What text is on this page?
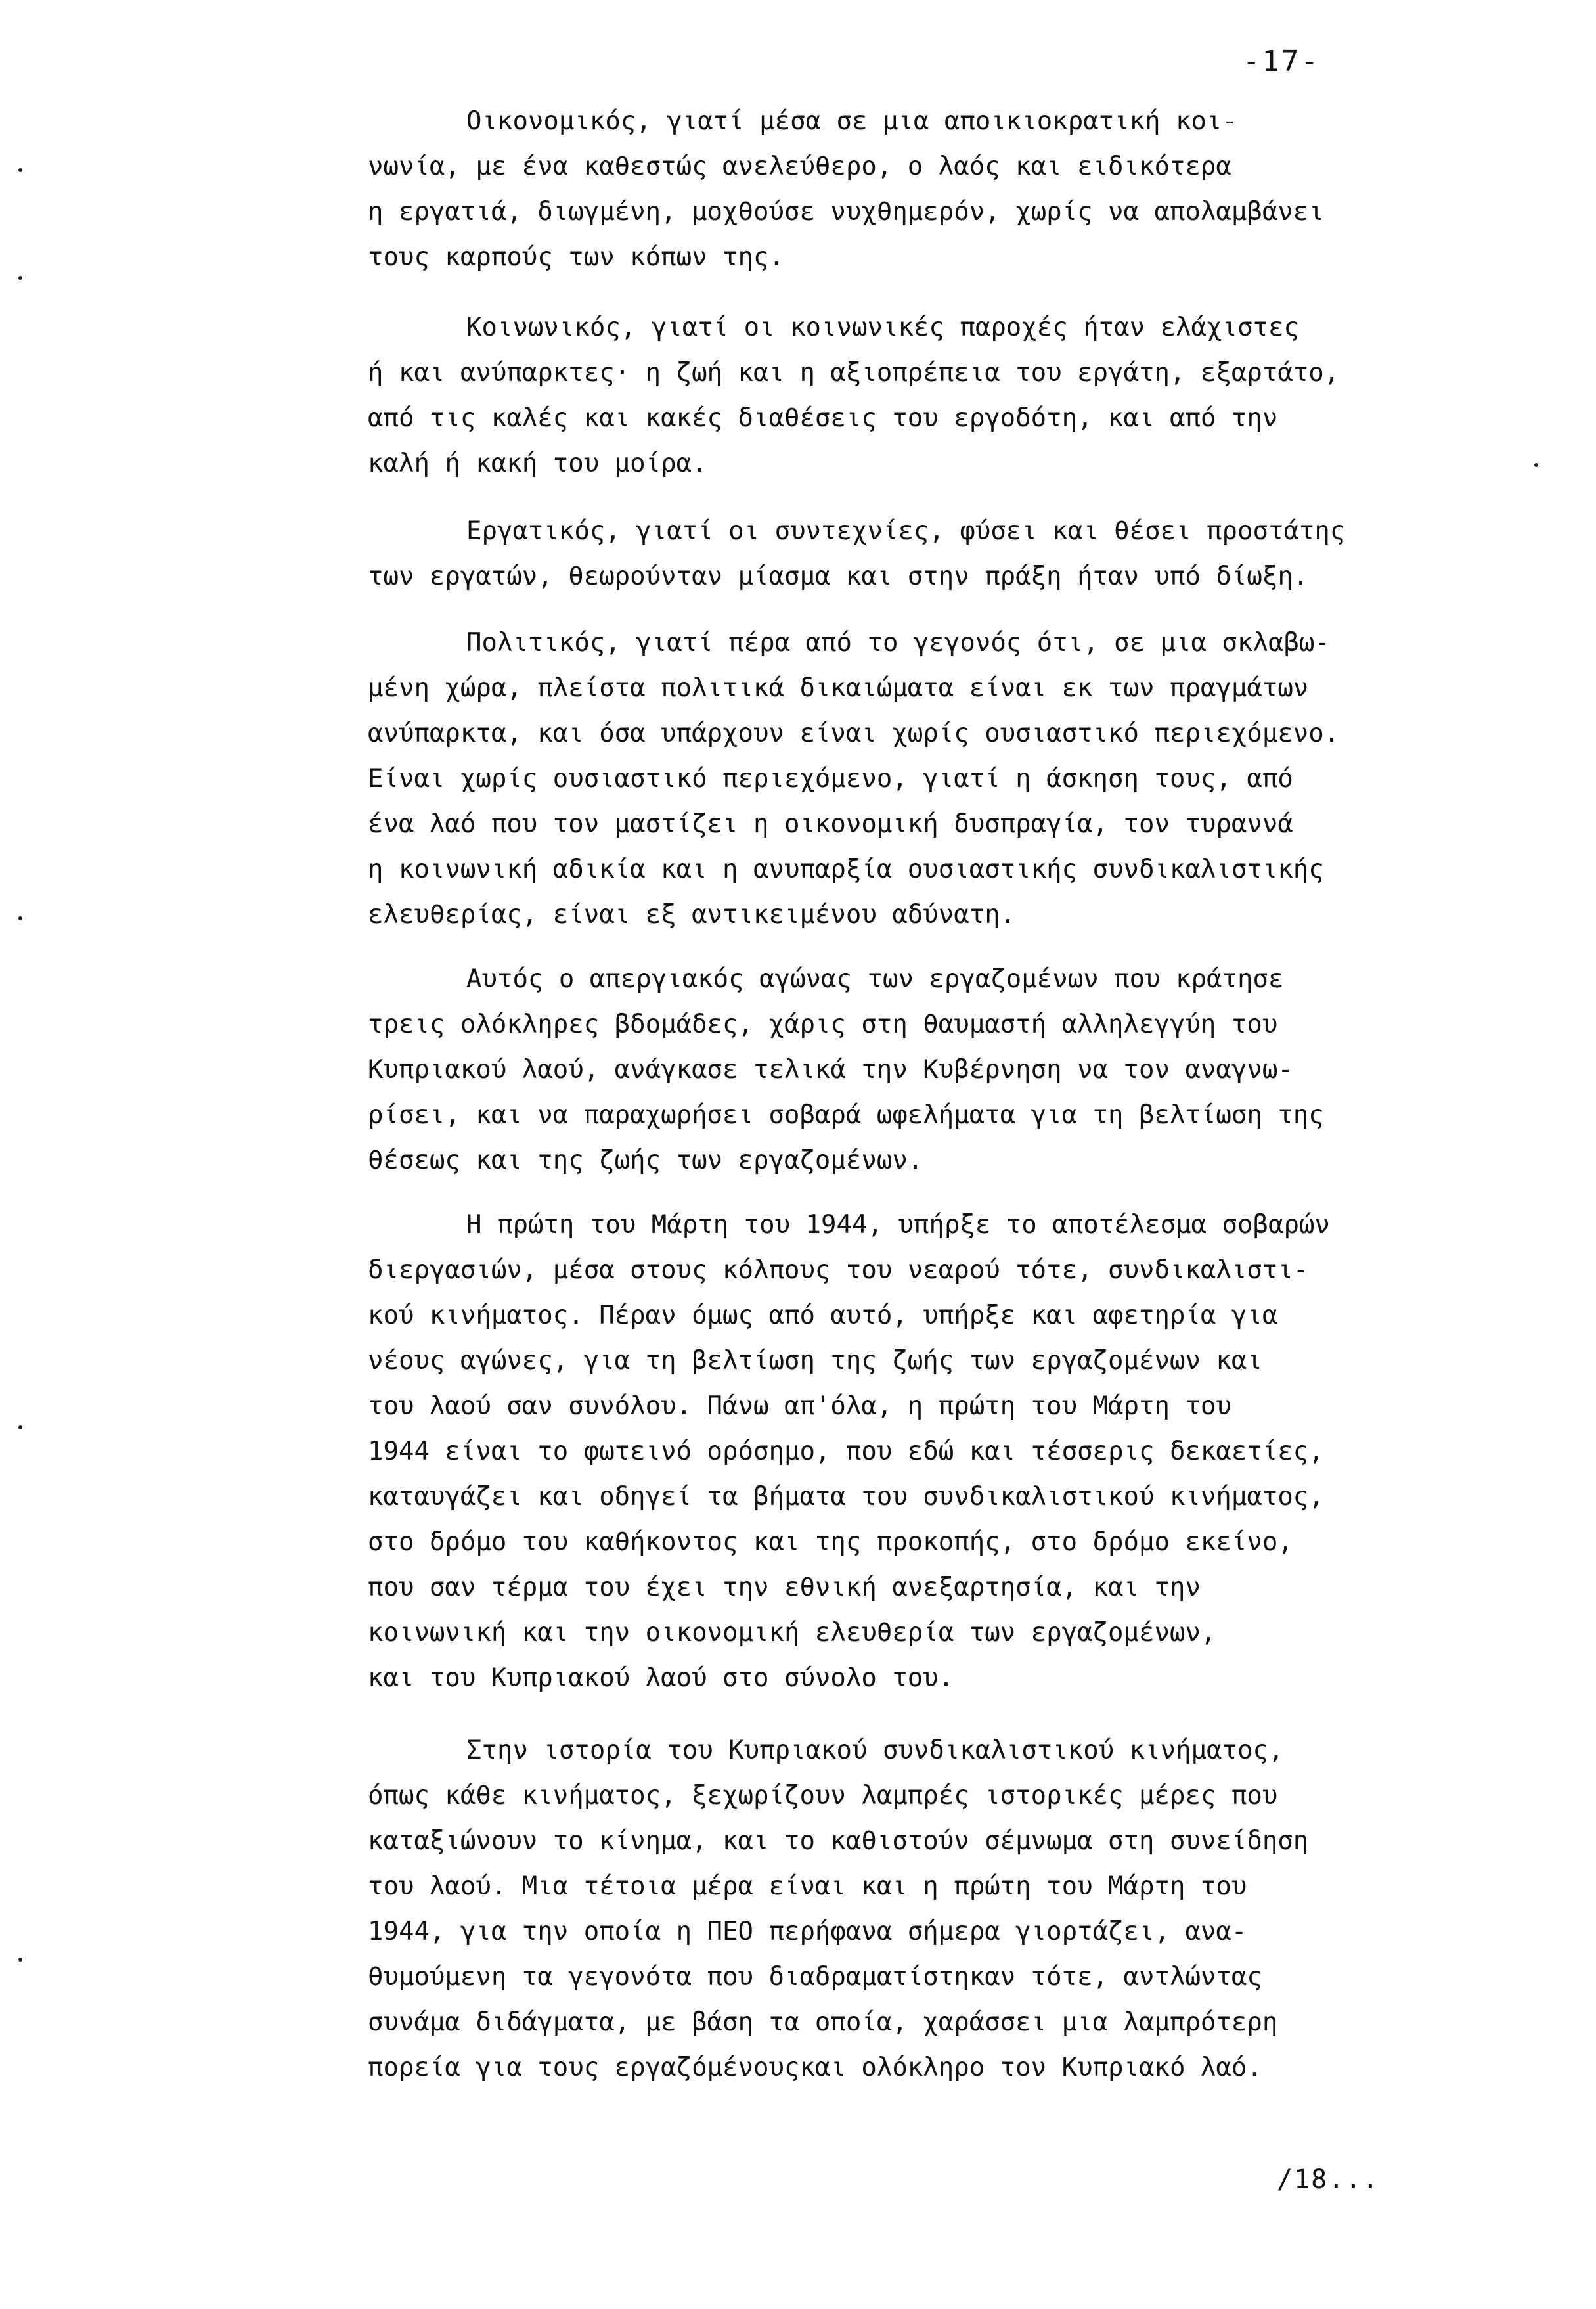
-17-
Οικονομικός, γιατί μέσα σε μια αποικιοκρατική κοι-
νωνία, με ένα καθεστώς ανελεύθερο, ο λαός και ειδικότερα
η εργατιά, διωγμένη, μοχθούσε νυχθημερόν, χωρίς να απολαμβάνει
τους καρπούς των κόπων της.
Κοινωνικός, γιατί οι κοινωνικές παροχές ήταν ελάχιστες
ή και ανύπαρκτες· η ζωή και η αξιοπρέπεια του εργάτη, εξαρτάτο,
από τις καλές και κακές διαθέσεις του εργοδότη, και από την
καλή ή κακή του μοίρα.
Εργατικός, γιατί οι συντεχνίες, φύσει και θέσει προστάτης
των εργατών, θεωρούνταν μίασμα και στην πράξη ήταν υπό δίωξη.
Πολιτικός, γιατί πέρα από το γεγονός ότι, σε μια σκλαβω-
μένη χώρα, πλείστα πολιτικά δικαιώματα είναι εκ των πραγμάτων
ανύπαρκτα, και όσα υπάρχουν είναι χωρίς ουσιαστικό περιεχόμενο.
Είναι χωρίς ουσιαστικό περιεχόμενο, γιατί η άσκηση τους, από
ένα λαό που τον μαστίζει η οικονομική δυσπραγία, τον τυραννά
η κοινωνική αδικία και η ανυπαρξία ουσιαστικής συνδικαλιστικής
ελευθερίας, είναι εξ αντικειμένου αδύνατη.
Αυτός ο απεργιακός αγώνας των εργαζομένων που κράτησε
τρεις ολόκληρες βδομάδες, χάρις στη θαυμαστή αλληλεγγύη του
Κυπριακού λαού, ανάγκασε τελικά την Κυβέρνηση να τον αναγνω-
ρίσει, και να παραχωρήσει σοβαρά ωφελήματα για τη βελτίωση της
θέσεως και της ζωής των εργαζομένων.
Η πρώτη του Μάρτη του 1944, υπήρξε το αποτέλεσμα σοβαρών
διεργασιών, μέσα στους κόλπους του νεαρού τότε, συνδικαλιστι-
κού κινήματος. Πέραν όμως από αυτό, υπήρξε και αφετηρία για
νέους αγώνες, για τη βελτίωση της ζωής των εργαζομένων και
του λαού σαν συνόλου. Πάνω απ'όλα, η πρώτη του Μάρτη του
1944 είναι το φωτεινό ορόσημο, που εδώ και τέσσερις δεκαετίες,
καταυγάζει και οδηγεί τα βήματα του συνδικαλιστικού κινήματος,
στο δρόμο του καθήκοντος και της προκοπής, στο δρόμο εκείνο,
που σαν τέρμα του έχει την εθνική ανεξαρτησία, και την
κοινωνική και την οικονομική ελευθερία των εργαζομένων,
και του Κυπριακού λαού στο σύνολο του.
Στην ιστορία του Κυπριακού συνδικαλιστικού κινήματος,
όπως κάθε κινήματος, ξεχωρίζουν λαμπρές ιστορικές μέρες που
καταξιώνουν το κίνημα, και το καθιστούν σέμνωμα στη συνείδηση
του λαού. Μια τέτοια μέρα είναι και η πρώτη του Μάρτη του
1944, για την οποία η ΠΕΟ περήφανα σήμερα γιορτάζει, ανα-
θυμούμενη τα γεγονότα που διαδραματίστηκαν τότε, αντλώντας
συνάμα διδάγματα, με βάση τα οποία, χαράσσει μια λαμπρότερη
πορεία για τους εργαζόμένουςκαι ολόκληρο τον Κυπριακό λαό.
/18...
